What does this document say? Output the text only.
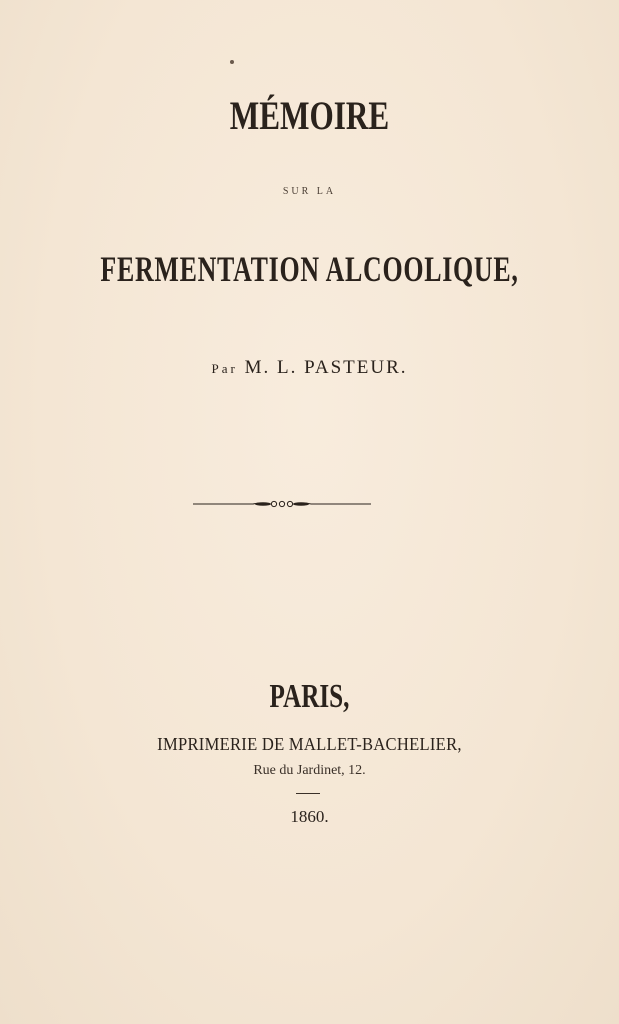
MÉMOIRE
SUR LA
FERMENTATION ALCOOLIQUE,
Par M. L. PASTEUR.
PARIS,
IMPRIMERIE DE MALLET-BACHELIER,
Rue du Jardinet, 12.
1860.
